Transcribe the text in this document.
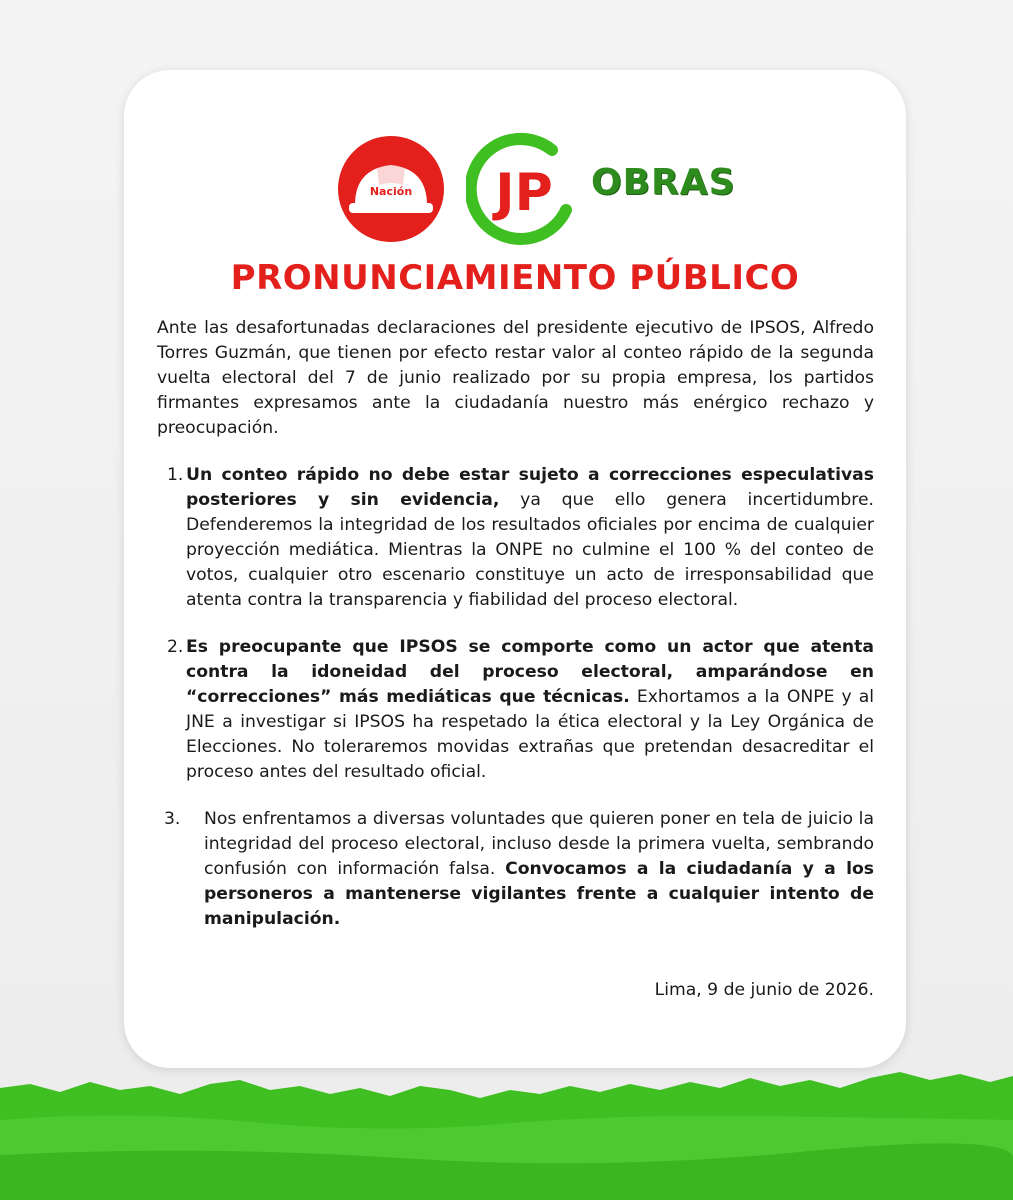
Nación JP OBRAS
PRONUNCIAMIENTO PÚBLICO

Ante las desafortunadas declaraciones del presidente ejecutivo de IPSOS, Alfredo Torres Guzmán, que tienen por efecto restar valor al conteo rápido de la segunda vuelta electoral del 7 de junio realizado por su propia empresa, los partidos firmantes expresamos ante la ciudadanía nuestro más enérgico rechazo y preocupación.

1. Un conteo rápido no debe estar sujeto a correcciones especulativas posteriores y sin evidencia, ya que ello genera incertidumbre. Defenderemos la integridad de los resultados oficiales por encima de cualquier proyección mediática. Mientras la ONPE no culmine el 100 % del conteo de votos, cualquier otro escenario constituye un acto de irresponsabilidad que atenta contra la transparencia y fiabilidad del proceso electoral.
2. Es preocupante que IPSOS se comporte como un actor que atenta contra la idoneidad del proceso electoral, amparándose en “correcciones” más mediáticas que técnicas. Exhortamos a la ONPE y al JNE a investigar si IPSOS ha respetado la ética electoral y la Ley Orgánica de Elecciones. No toleraremos movidas extrañas que pretendan desacreditar el proceso antes del resultado oficial.
3. Nos enfrentamos a diversas voluntades que quieren poner en tela de juicio la integridad del proceso electoral, incluso desde la primera vuelta, sembrando confusión con información falsa. Convocamos a la ciudadanía y a los personeros a mantenerse vigilantes frente a cualquier intento de manipulación.
Lima, 9 de junio de 2026.
